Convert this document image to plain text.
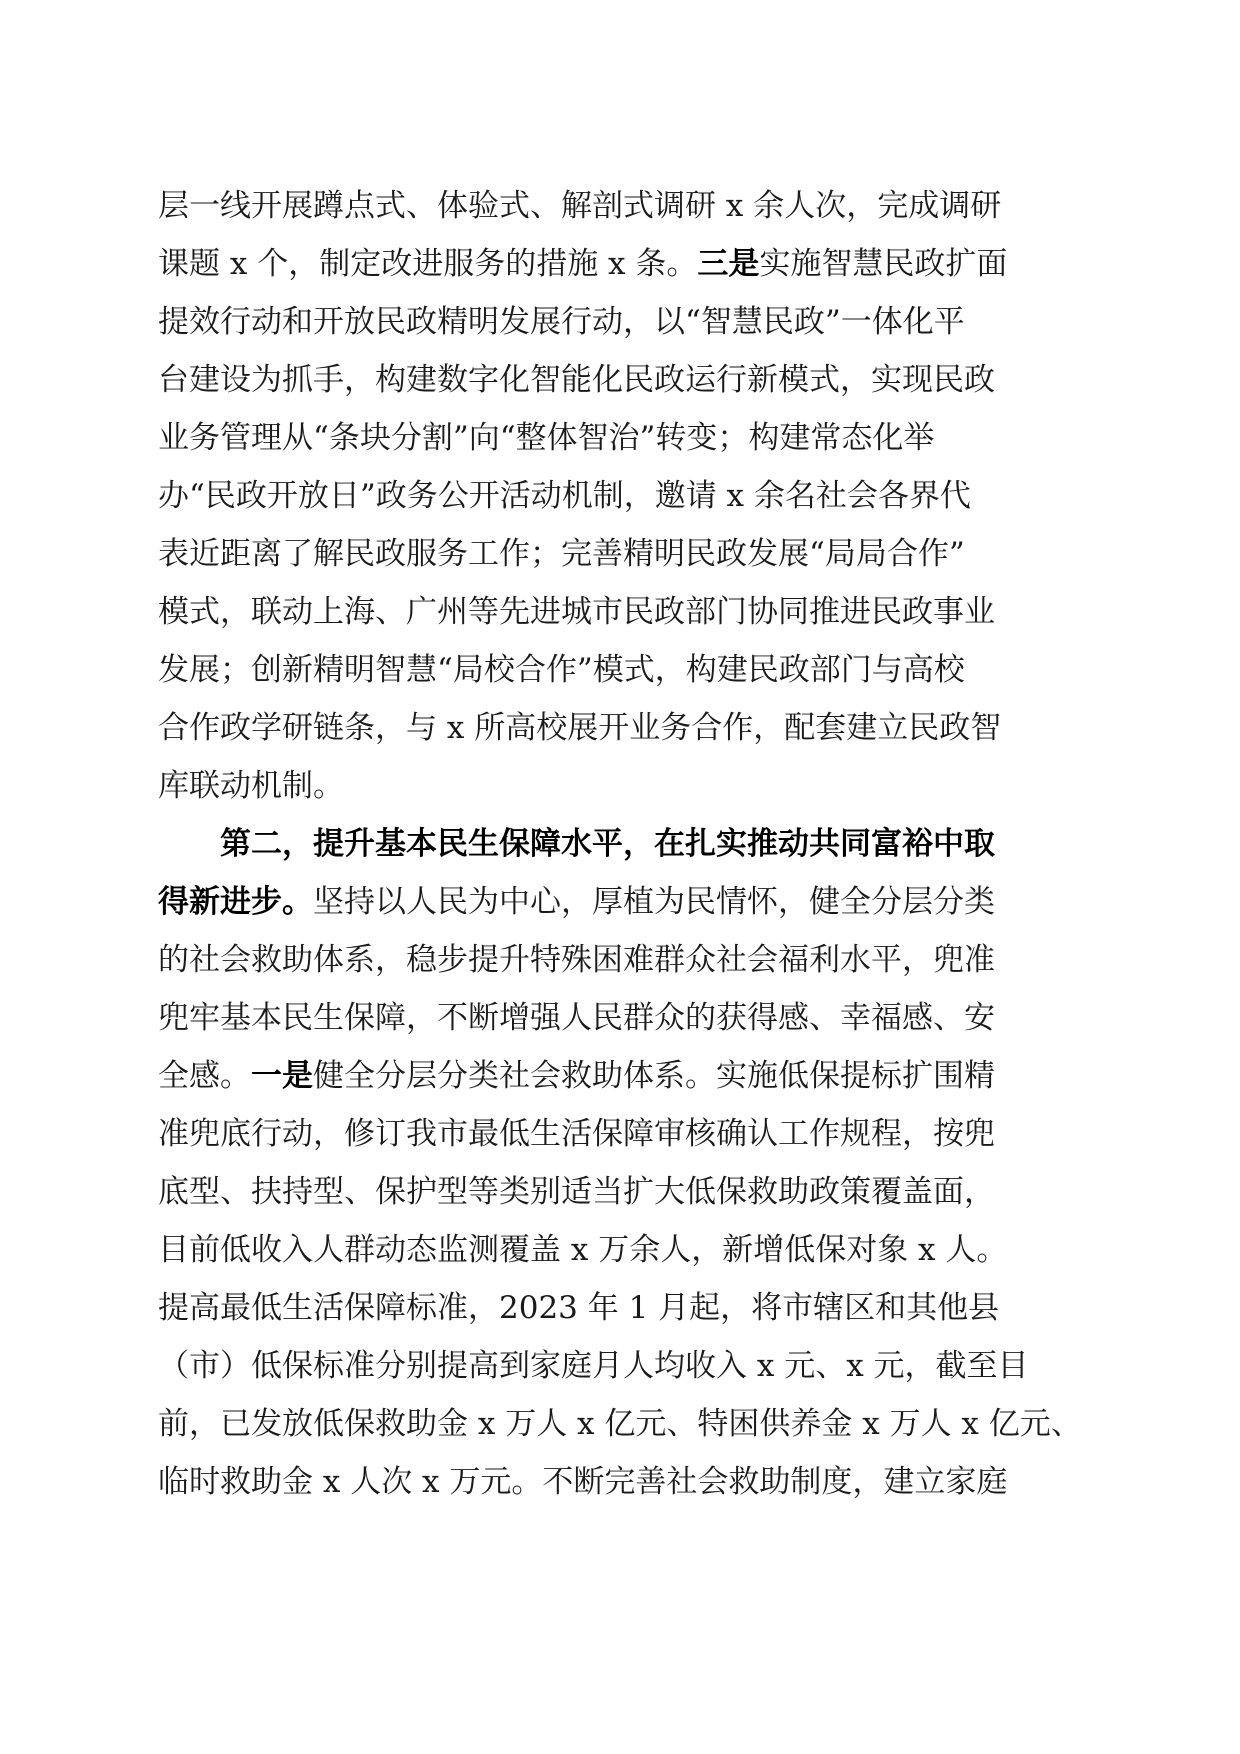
层一线开展蹲点式、体验式、解剖式调研 x 余人次，完成调研
课题 x 个，制定改进服务的措施 x 条。三是实施智慧民政扩面
提效行动和开放民政精明发展行动，以“智慧民政”一体化平
台建设为抓手，构建数字化智能化民政运行新模式，实现民政
业务管理从“条块分割”向“整体智治”转变；构建常态化举
办“民政开放日”政务公开活动机制，邀请 x 余名社会各界代
表近距离了解民政服务工作；完善精明民政发展“局局合作”
模式，联动上海、广州等先进城市民政部门协同推进民政事业
发展；创新精明智慧“局校合作”模式，构建民政部门与高校
合作政学研链条，与 x 所高校展开业务合作，配套建立民政智
库联动机制。
第二，提升基本民生保障水平，在扎实推动共同富裕中取
得新进步。坚持以人民为中心，厚植为民情怀，健全分层分类
的社会救助体系，稳步提升特殊困难群众社会福利水平，兜准
兜牢基本民生保障，不断增强人民群众的获得感、幸福感、安
全感。一是健全分层分类社会救助体系。实施低保提标扩围精
准兜底行动，修订我市最低生活保障审核确认工作规程，按兜
底型、扶持型、保护型等类别适当扩大低保救助政策覆盖面，
目前低收入人群动态监测覆盖 x 万余人，新增低保对象 x 人。
提高最低生活保障标准，2023 年 1 月起，将市辖区和其他县
（市）低保标准分别提高到家庭月人均收入 x 元、x 元，截至目
前，已发放低保救助金 x 万人 x 亿元、特困供养金 x 万人 x 亿元、
临时救助金 x 人次 x 万元。不断完善社会救助制度，建立家庭
